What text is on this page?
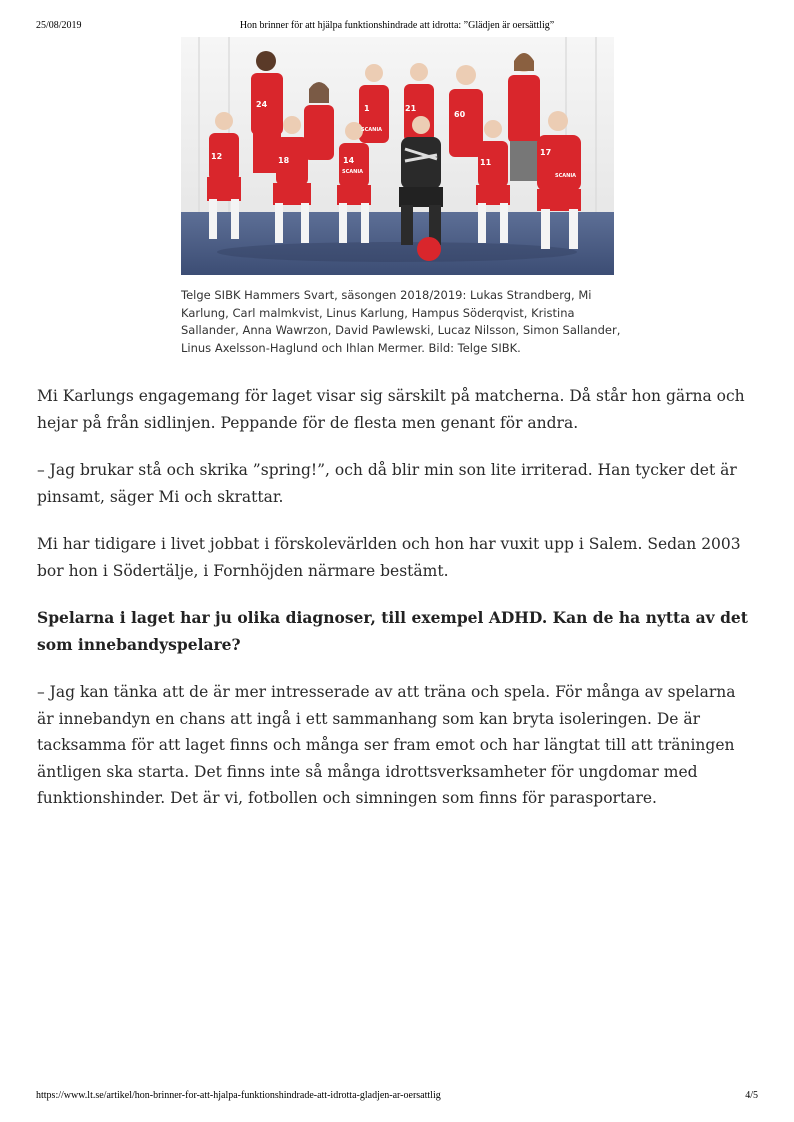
25/08/2019	Hon brinner för att hjälpa funktionshindrade att idrotta: ”Glädjen är oersättlig”
24	1	21
60
12	18	14	11
17
SCANIA
SCANIA
SCANIA
Telge SIBK Hammers Svart, säsongen 2018/2019: Lukas Strandberg, Mi Karlung, Carl malmkvist, Linus Karlung, Hampus Söderqvist, Kristina Sallander, Anna Wawrzon, David Pawlewski, Lucaz Nilsson, Simon Sallander, Linus Axelsson-Haglund och Ihlan Mermer. Bild: Telge SIBK.

Mi Karlungs engagemang för laget visar sig särskilt på matcherna. Då står hon gärna och hejar på från sidlinjen. Peppande för de flesta men genant för andra.

– Jag brukar stå och skrika ”spring!”, och då blir min son lite irriterad. Han tycker det är pinsamt, säger Mi och skrattar.

Mi har tidigare i livet jobbat i förskolevärlden och hon har vuxit upp i Salem. Sedan 2003 bor hon i Södertälje, i Fornhöjden närmare bestämt.

Spelarna i laget har ju olika diagnoser, till exempel ADHD. Kan de ha nytta av det som innebandyspelare?

– Jag kan tänka att de är mer intresserade av att träna och spela. För många av spelarna är innebandyn en chans att ingå i ett sammanhang som kan bryta isoleringen. De är tacksamma för att laget finns och många ser fram emot och har längtat till att träningen äntligen ska starta. Det finns inte så många idrottsverksamheter för ungdomar med funktionshinder. Det är vi, fotbollen och simningen som finns för parasportare.

https://www.lt.se/artikel/hon-brinner-for-att-hjalpa-funktionshindrade-att-idrotta-gladjen-ar-oersattlig	4/5
